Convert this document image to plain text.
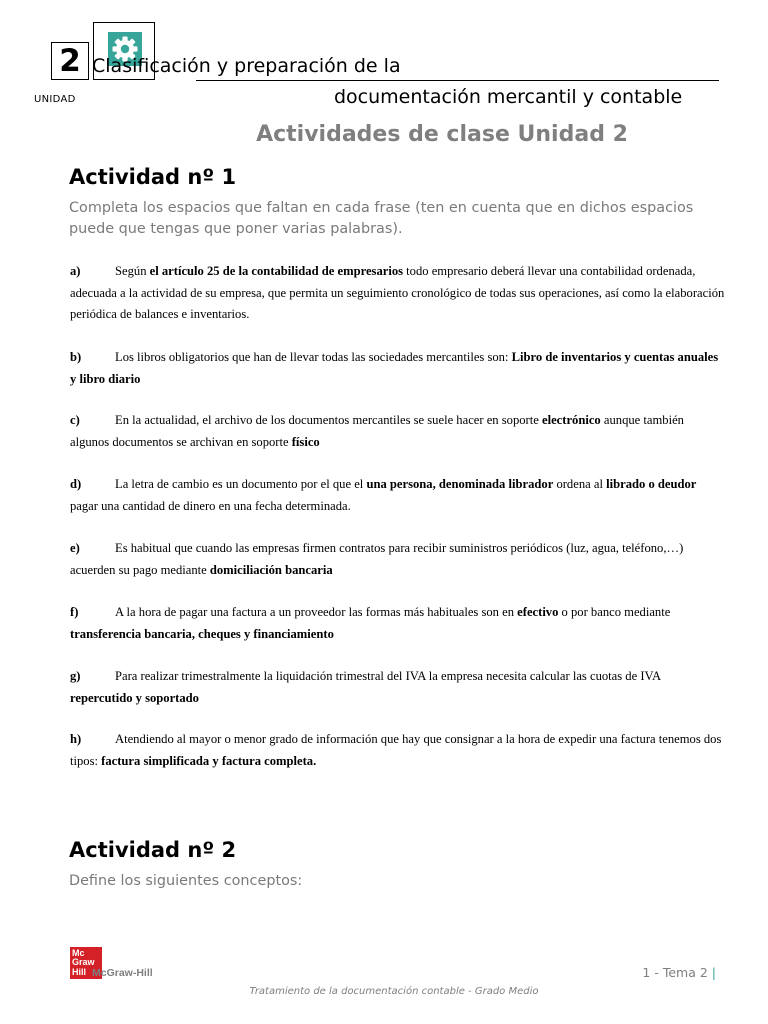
2
UNIDAD
Clasificación y preparación de la
documentación mercantil y contable
Actividades de clase Unidad 2
Actividad nº 1
Completa los espacios que faltan en cada frase (ten en cuenta que en dichos espacios puede que tengas que poner varias palabras).
a)	Según el artículo 25 de la contabilidad de empresarios todo empresario deberá llevar una contabilidad ordenada, adecuada a la actividad de su empresa, que permita un seguimiento cronológico de todas sus operaciones, así como la elaboración periódica de balances e inventarios.
b)	Los libros obligatorios que han de llevar todas las sociedades mercantiles son: Libro de inventarios y cuentas anuales y libro diario
c)	En la actualidad, el archivo de los documentos mercantiles se suele hacer en soporte electrónico aunque también algunos documentos se archivan en soporte físico
d)	La letra de cambio es un documento por el que el una persona, denominada librador ordena al librado o deudor pagar una cantidad de dinero en una fecha determinada.
e)	Es habitual que cuando las empresas firmen contratos para recibir suministros periódicos (luz, agua, teléfono,…) acuerden su pago mediante domiciliación bancaria
f)	A la hora de pagar una factura a un proveedor las formas más habituales son en efectivo o por banco mediante transferencia bancaria, cheques y financiamiento
g)	Para realizar trimestralmente la liquidación trimestral del IVA la empresa necesita calcular las cuotas de IVA repercutido y soportado
h)	Atendiendo al mayor o menor grado de información que hay que consignar a la hora de expedir una factura tenemos dos tipos: factura simplificada y factura completa.
Actividad nº 2
Define los siguientes conceptos:
Mc
Graw
Hill McGraw-Hill	1 - Tema 2 |
Tratamiento de la documentación contable - Grado Medio
